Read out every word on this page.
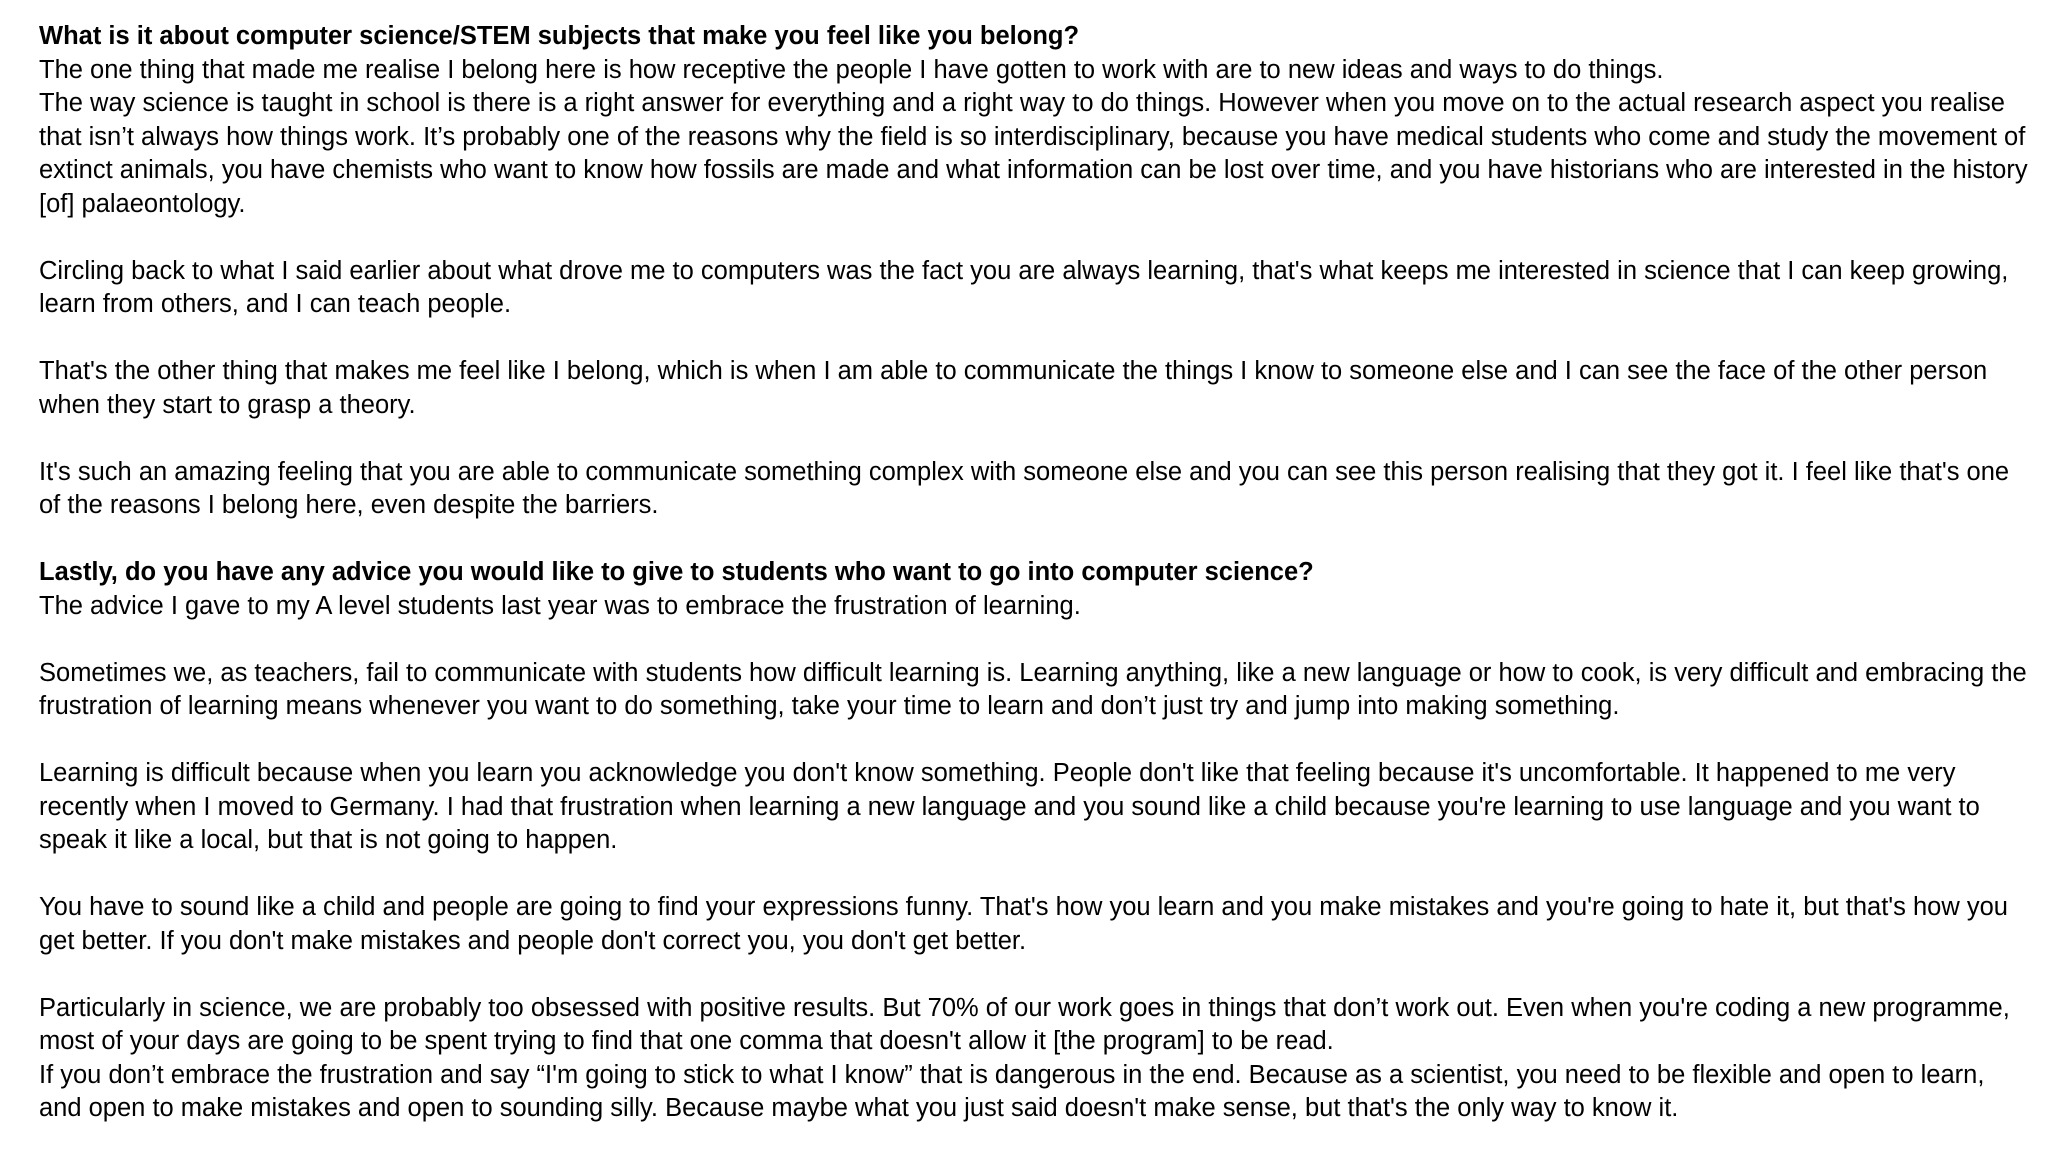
What is it about computer science/STEM subjects that make you feel like you belong?

The one thing that made me realise I belong here is how receptive the people I have gotten to work with are to new ideas and ways to do things.

The way science is taught in school is there is a right answer for everything and a right way to do things. However when you move on to the actual research aspect you realise that isn’t always how things work. It’s probably one of the reasons why the field is so interdisciplinary, because you have medical students who come and study the movement of extinct animals, you have chemists who want to know how fossils are made and what information can be lost over time, and you have historians who are interested in the history [of] palaeontology.

Circling back to what I said earlier about what drove me to computers was the fact you are always learning, that's what keeps me interested in science that I can keep growing, learn from others, and I can teach people.

That's the other thing that makes me feel like I belong, which is when I am able to communicate the things I know to someone else and I can see the face of the other person when they start to grasp a theory.

It's such an amazing feeling that you are able to communicate something complex with someone else and you can see this person realising that they got it. I feel like that's one of the reasons I belong here, even despite the barriers.

Lastly, do you have any advice you would like to give to students who want to go into computer science?

The advice I gave to my A level students last year was to embrace the frustration of learning.

Sometimes we, as teachers, fail to communicate with students how difficult learning is. Learning anything, like a new language or how to cook, is very difficult and embracing the frustration of learning means whenever you want to do something, take your time to learn and don’t just try and jump into making something.

Learning is difficult because when you learn you acknowledge you don't know something. People don't like that feeling because it's uncomfortable. It happened to me very recently when I moved to Germany. I had that frustration when learning a new language and you sound like a child because you're learning to use language and you want to speak it like a local, but that is not going to happen.

You have to sound like a child and people are going to find your expressions funny. That's how you learn and you make mistakes and you're going to hate it, but that's how you get better. If you don't make mistakes and people don't correct you, you don't get better.

Particularly in science, we are probably too obsessed with positive results. But 70% of our work goes in things that don’t work out. Even when you're coding a new programme, most of your days are going to be spent trying to find that one comma that doesn't allow it [the program] to be read.

If you don’t embrace the frustration and say “I'm going to stick to what I know” that is dangerous in the end. Because as a scientist, you need to be flexible and open to learn, and open to make mistakes and open to sounding silly. Because maybe what you just said doesn't make sense, but that's the only way to know it.
